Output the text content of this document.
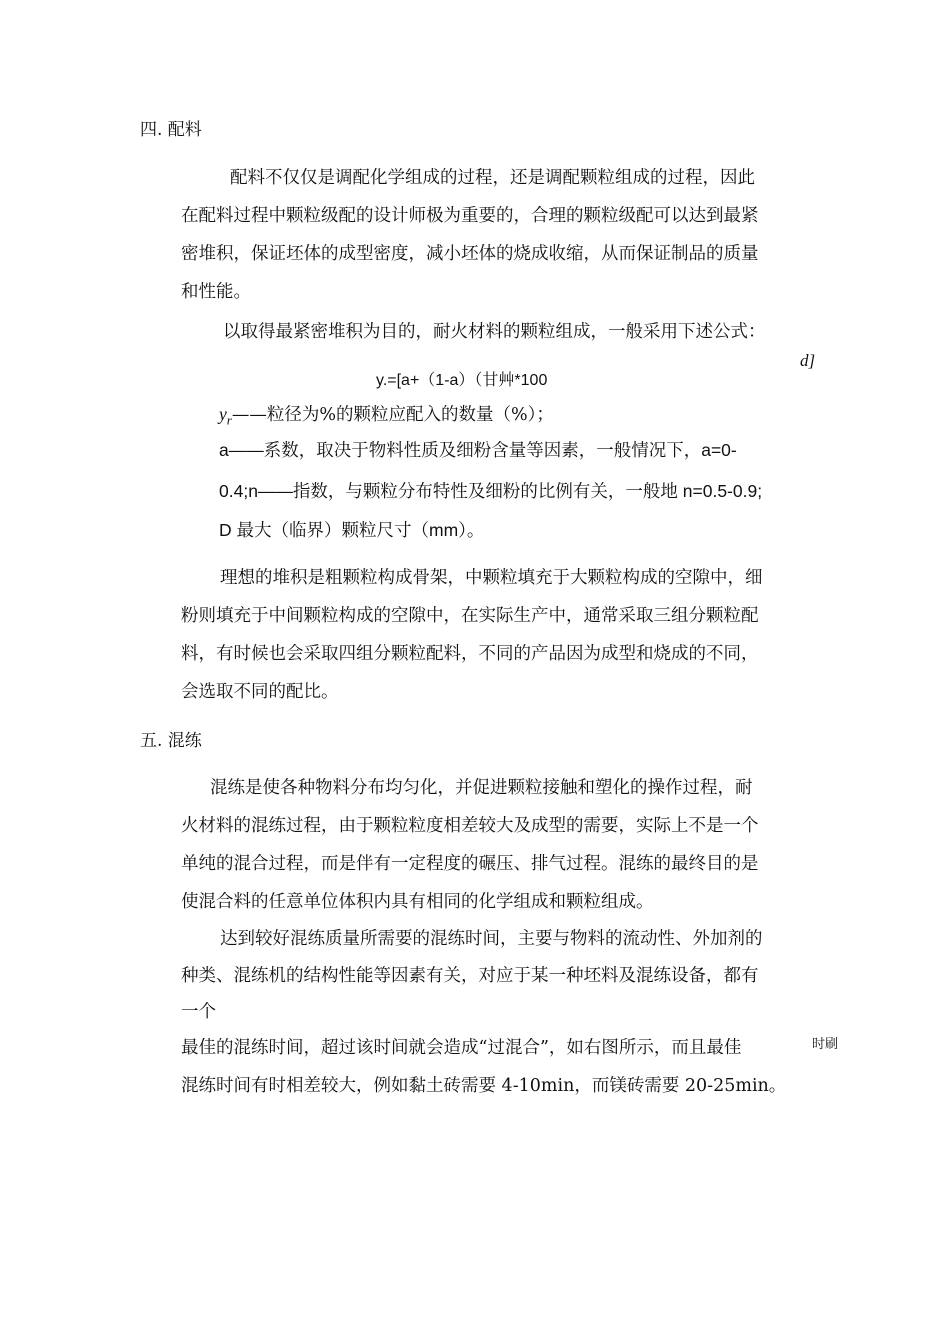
四. 配料
配料不仅仅是调配化学组成的过程，还是调配颗粒组成的过程，因此
在配料过程中颗粒级配的设计师极为重要的，合理的颗粒级配可以达到最紧
密堆积，保证坯体的成型密度，减小坯体的烧成收缩，从而保证制品的质量
和性能。
以取得最紧密堆积为目的，耐火材料的颗粒组成，一般采用下述公式：
d]
y.=[a+（1-a）（甘艸*100
$y_r——$粒径为%的颗粒应配入的数量（%）；
a——系数，取决于物料性质及细粉含量等因素，一般情况下，a=0-
0.4;n——指数，与颗粒分布特性及细粉的比例有关，一般地 n=0.5-0.9;
D 最大（临界）颗粒尺寸（mm）。
理想的堆积是粗颗粒构成骨架，中颗粒填充于大颗粒构成的空隙中，细
粉则填充于中间颗粒构成的空隙中，在实际生产中，通常采取三组分颗粒配
料，有时候也会采取四组分颗粒配料，不同的产品因为成型和烧成的不同，
会选取不同的配比。
五. 混练
混练是使各种物料分布均匀化，并促进颗粒接触和塑化的操作过程，耐
火材料的混练过程，由于颗粒粒度相差较大及成型的需要，实际上不是一个
单纯的混合过程，而是伴有一定程度的碾压、排气过程。混练的最终目的是
使混合料的任意单位体积内具有相同的化学组成和颗粒组成。
达到较好混练质量所需要的混练时间，主要与物料的流动性、外加剂的
种类、混练机的结构性能等因素有关，对应于某一种坯料及混练设备，都有
一个
最佳的混练时间，超过该时间就会造成“过混合”，如右图所示，而且最佳	时刷
混练时间有时相差较大，例如黏土砖需要 4-10min，而镁砖需要 20-25min。
